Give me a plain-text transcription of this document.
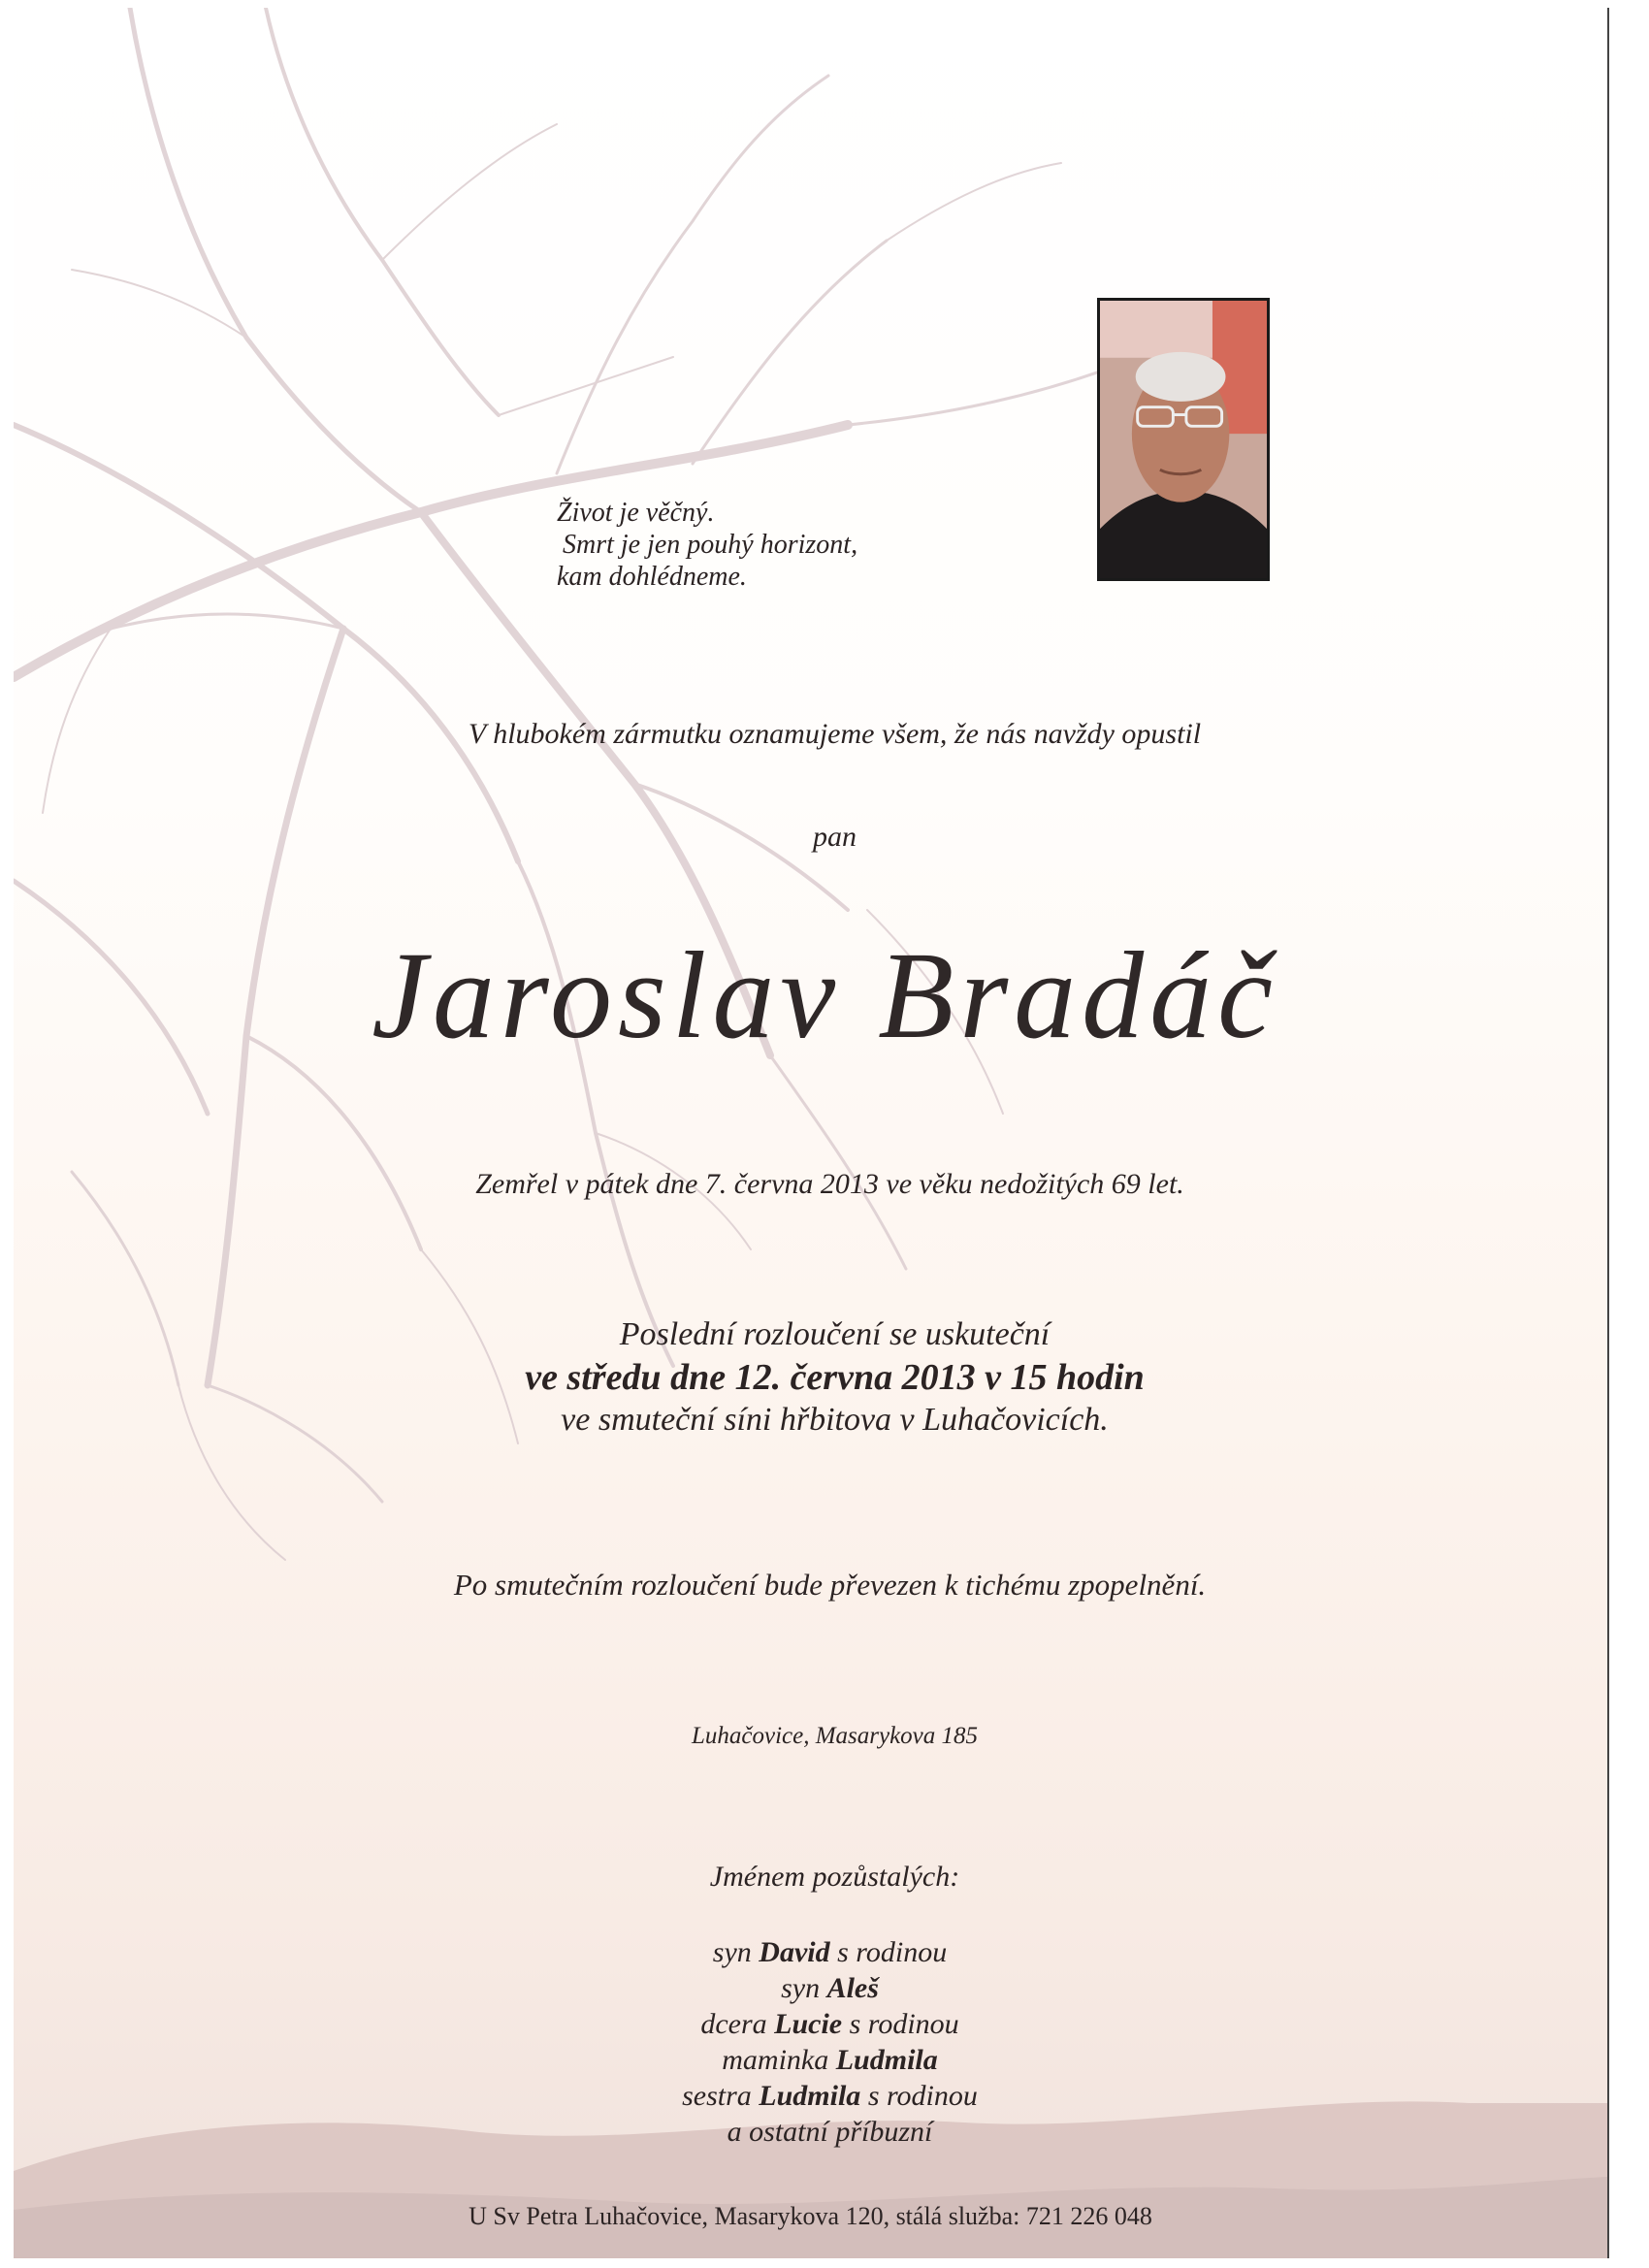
Život je věčný.
Smrt je jen pouhý horizont,
kam dohlédneme.
V hlubokém zármutku oznamujeme všem, že nás navždy opustil
pan
Jaroslav Bradáč
Zemřel v pátek dne 7. června 2013 ve věku nedožitých 69 let.
Poslední rozloučení se uskuteční
ve středu dne 12. června 2013 v 15 hodin
ve smuteční síni hřbitova v Luhačovicích.
Po smutečním rozloučení bude převezen k tichému zpopelnění.
Luhačovice, Masarykova 185
Jménem pozůstalých:
syn David s rodinou
syn Aleš
dcera Lucie s rodinou
maminka Ludmila
sestra Ludmila s rodinou
a ostatní příbuzní
U Sv Petra Luhačovice, Masarykova 120, stálá služba: 721 226 048
